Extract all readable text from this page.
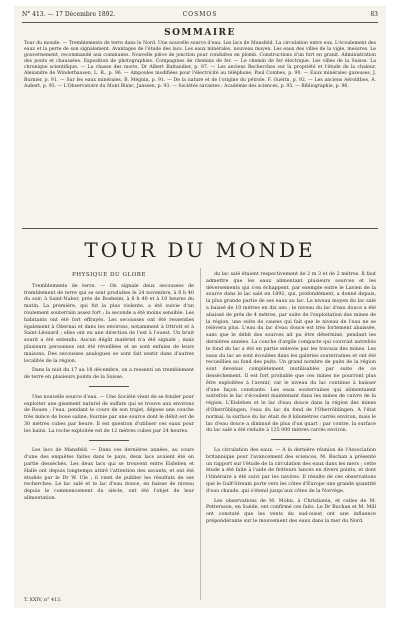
N° 413. — 17 Décembre 1892.	COSMOS	83
SOMMAIRE

Tour du monde. — Tremblements de terre dans le Nord. Une nouvelle source d'eau. Les lacs de Mansfeld. La circulation entre eux. L'écoulement des eaux et la perte de son signalement. Avantages de l'étude des lacs. Les eaux minérales, nouveau moyen. Les eaux des villes de la vigie, mesures. Le gouvernement, recommandé aux communes. Nouvelle pièce de jonction pour conduites en plomb. Constructions d'un fort en granit. Administration des ponts et chaussées. Exposition de photographies. Compagnies de chemins de fer. — Le chemin de fer électrique. Les villes de la Suisse. La chronique scientifique. — La chasse des morts, Dr Albert Battandier, p. 87. — Les anciens Recherches sur la propriété et l'étude de la chaleur, Alexandre de Winderhausen, L. R., p. 96. — Ampoules modifiées pour l'électricité au téléphone, Paul Combes, p. 90. — Eaux minérales gazeuses, J. Burnier, p. 91. — Sur les eaux minérales, B. Mégnin, p. 91. — De la nature et de l'origine du pétrole, F. Guérin, p. 92. — Les anciens Aérolithes, A. Aubert, p. 93. — L'Observatoire du Mont Blanc, Janssen, p. 93. — Sociétés savantes : Académie des sciences, p. 95. — Bibliographie, p. 96.

TOUR DU MONDE
PHYSIQUE DU GLOBE

Tremblements de terre. — On signale deux secousses de tremblement de terre qui se sont produites le 24 novembre, à 8 h 40 du soir, à Saint-Nabor, près de Rosheim, à 8 h 40 et à 10 heures du matin. La première, qui fut la plus violente, a été suivie d'un roulement souterrain assez fort ; la seconde a été moins sensible. Les habitants ont été fort effrayés. Les secousses ont été ressenties également à Obernai et dans les environs, notamment à Ottrott et à Saint-Léonard ; elles ont eu une direction de l'est à l'ouest. Un bruit sourd a été entendu. Aucun dégât matériel n'a été signalé ; mais plusieurs personnes ont été réveillées et se sont enfuies de leurs maisons. Des secousses analogues se sont fait sentir dans d'autres localités de la région.

Dans la nuit du 17 au 18 décembre, on a ressenti un tremblement de terre en plusieurs points de la Suisse.

Une nouvelle source d'eau. — Une Société vient de se fonder pour exploiter une gisement naturel de sulfate qui se trouve aux environs de Rouen ; l'eau, pendant le cours de son trajet, dépose une couche très mince de boue saline, fournie par une source dont le débit est de 30 mètres cubes par heure. Il est question d'utiliser ces eaux pour les bains. La roche exploitée est de 12 mètres cubes par 24 heures.

Les lacs de Mansfeld. — Dans ces dernières années, au cours d'une des enquêtes faites dans le pays, deux lacs avaient été en partie desséchés. Les deux lacs qui se trouvent entre Eisleben et Halle ont depuis longtemps attiré l'attention des savants, et ont été étudiés par le Dr W. Ule ; il vient de publier les résultats de ses recherches. Le lac salé et le lac d'eau douce, en baisse de niveau depuis le commencement du siècle, ont été l'objet de leur alimentation.

du lac salé étaient respectivement de 2 m 3 et de 2 mètres. Il faut admettre que les eaux alimentant plusieurs sources et les déversements qui s'en échappent, par exemple entre le Lavien de la source dans le lac salé en 1892, qui, profondément, a donné depuis, la plus grande partie de ses eaux au lac. Le niveau moyen du lac salé a baissé de 10 mètres en dix ans ; le niveau du lac d'eau douce a été abaissé de près de 4 mètres, par suite de l'exploitation des mines de la région, une suite de causes qui fait que le niveau de l'eau ne se relèvera plus. L'eau du lac d'eau douce est très fortement abaissée, sans que le débit des sources ait pu être déterminé, pendant les dernières années. La couche d'argile compacte qui couvrait autrefois le fond du lac a été en partie enlevée par les travaux des mines. Les eaux du lac se sont écoulées dans les galeries souterraines et ont été recueillies au fond des puits. Un grand nombre de puits de la région sont devenus complètement inutilisables par suite de ce dessèchement. Il est fort probable que ces mines ne pourront plus être exploitées à l'avenir, car le niveau du lac continue à baisser d'une façon constante. Les eaux souterraines qui alimentaient autrefois le lac s'écoulent maintenant dans les mines de cuivre de la région. L'Eisleben et le lac d'eau douce dans la région des mines d'Oberröblingen, l'eau du lac du fond de l'Oberröblingen. A l'état normal, la surface du lac était de 8 kilomètres carrés environ, mais le lac d'eau douce a diminué de plus d'un quart ; par contre, la surface du lac salé a été réduite à 125 000 mètres carrés environ.

La circulation des eaux. — A la dernière réunion de l'Association britannique pour l'avancement des sciences, M. Buchan a présenté un rapport sur l'étude de la circulation des eaux dans les mers ; cette étude a été faite à l'aide de flotteurs lancés en divers points, et dont l'itinéraire a été suivi par les navires. Il résulte de ces observations que le Gulf-Stream porte vers les côtes d'Europe une grande quantité d'eau chaude, qui s'étend jusqu'aux côtes de la Norvège.

Les observations de M. Mohn, à Christiania, et celles de M. Pettersson, en Suède, ont confirmé ces faits. Le Dr Buchan et M. Mill ont constaté que les vents du sud-ouest ont une influence prépondérante sur le mouvement des eaux dans la mer du Nord.

T. XXIV, n° 413.
